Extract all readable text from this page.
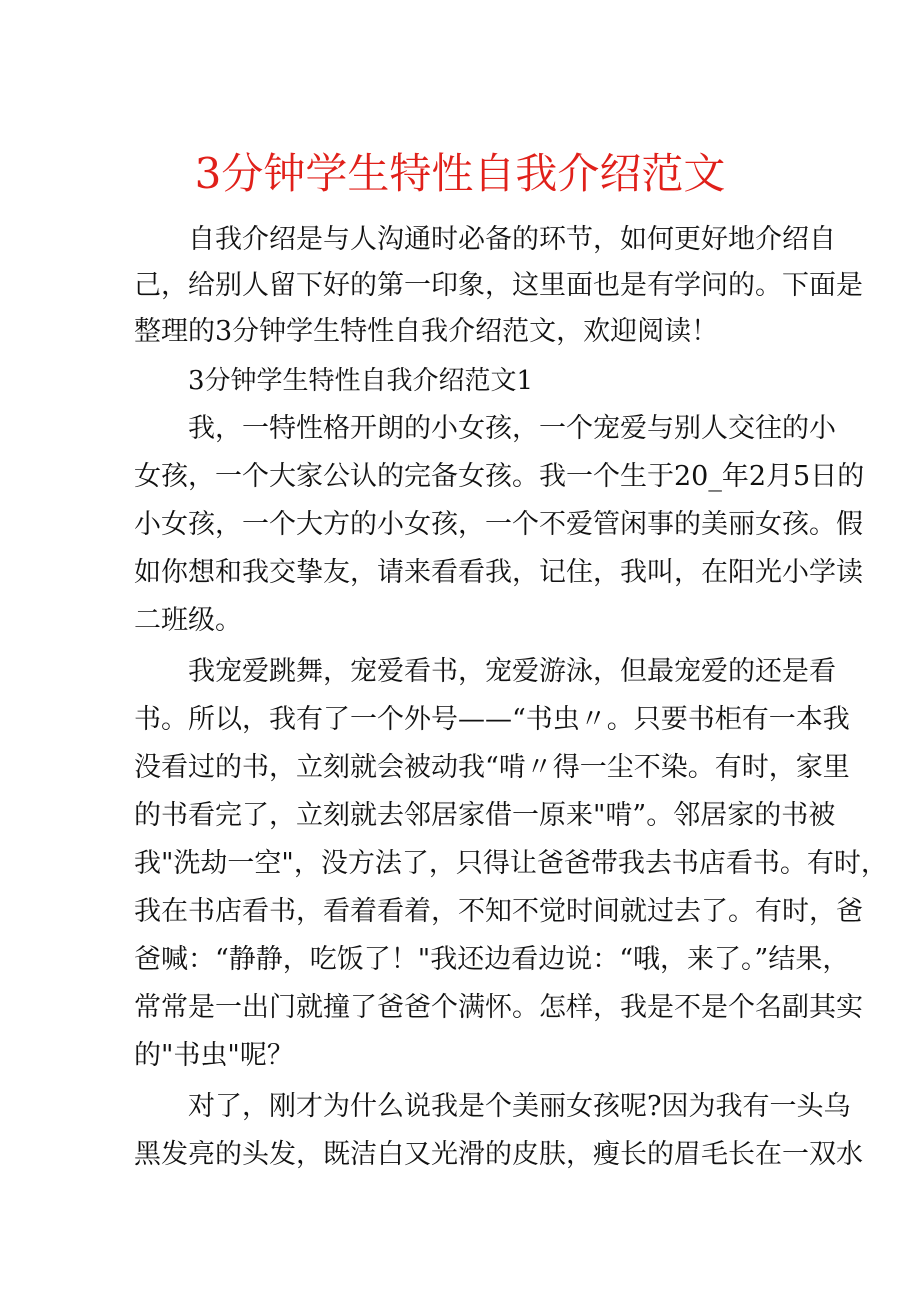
3分钟学生特性自我介绍范文
自我介绍是与人沟通时必备的环节，如何更好地介绍自
己，给别人留下好的第一印象，这里面也是有学问的。下面是
整理的3分钟学生特性自我介绍范文，欢迎阅读！
3分钟学生特性自我介绍范文1
我，一特性格开朗的小女孩，一个宠爱与别人交往的小
女孩，一个大家公认的完备女孩。我一个生于20_年2月5日的
小女孩，一个大方的小女孩，一个不爱管闲事的美丽女孩。假
如你想和我交挚友，请来看看我，记住，我叫，在阳光小学读
二班级。
我宠爱跳舞，宠爱看书，宠爱游泳，但最宠爱的还是看
书。所以，我有了一个外号——“书虫〃。只要书柜有一本我
没看过的书，立刻就会被动我“啃〃得一尘不染。有时，家里
的书看完了，立刻就去邻居家借一原来"啃”。邻居家的书被
我"洗劫一空"，没方法了，只得让爸爸带我去书店看书。有时，
我在书店看书，看着看着，不知不觉时间就过去了。有时，爸
爸喊：“静静，吃饭了！"我还边看边说：“哦，来了。”结果，
常常是一出门就撞了爸爸个满怀。怎样，我是不是个名副其实
的"书虫"呢？
对了，刚才为什么说我是个美丽女孩呢?因为我有一头乌
黑发亮的头发，既洁白又光滑的皮肤，瘦长的眉毛长在一双水
